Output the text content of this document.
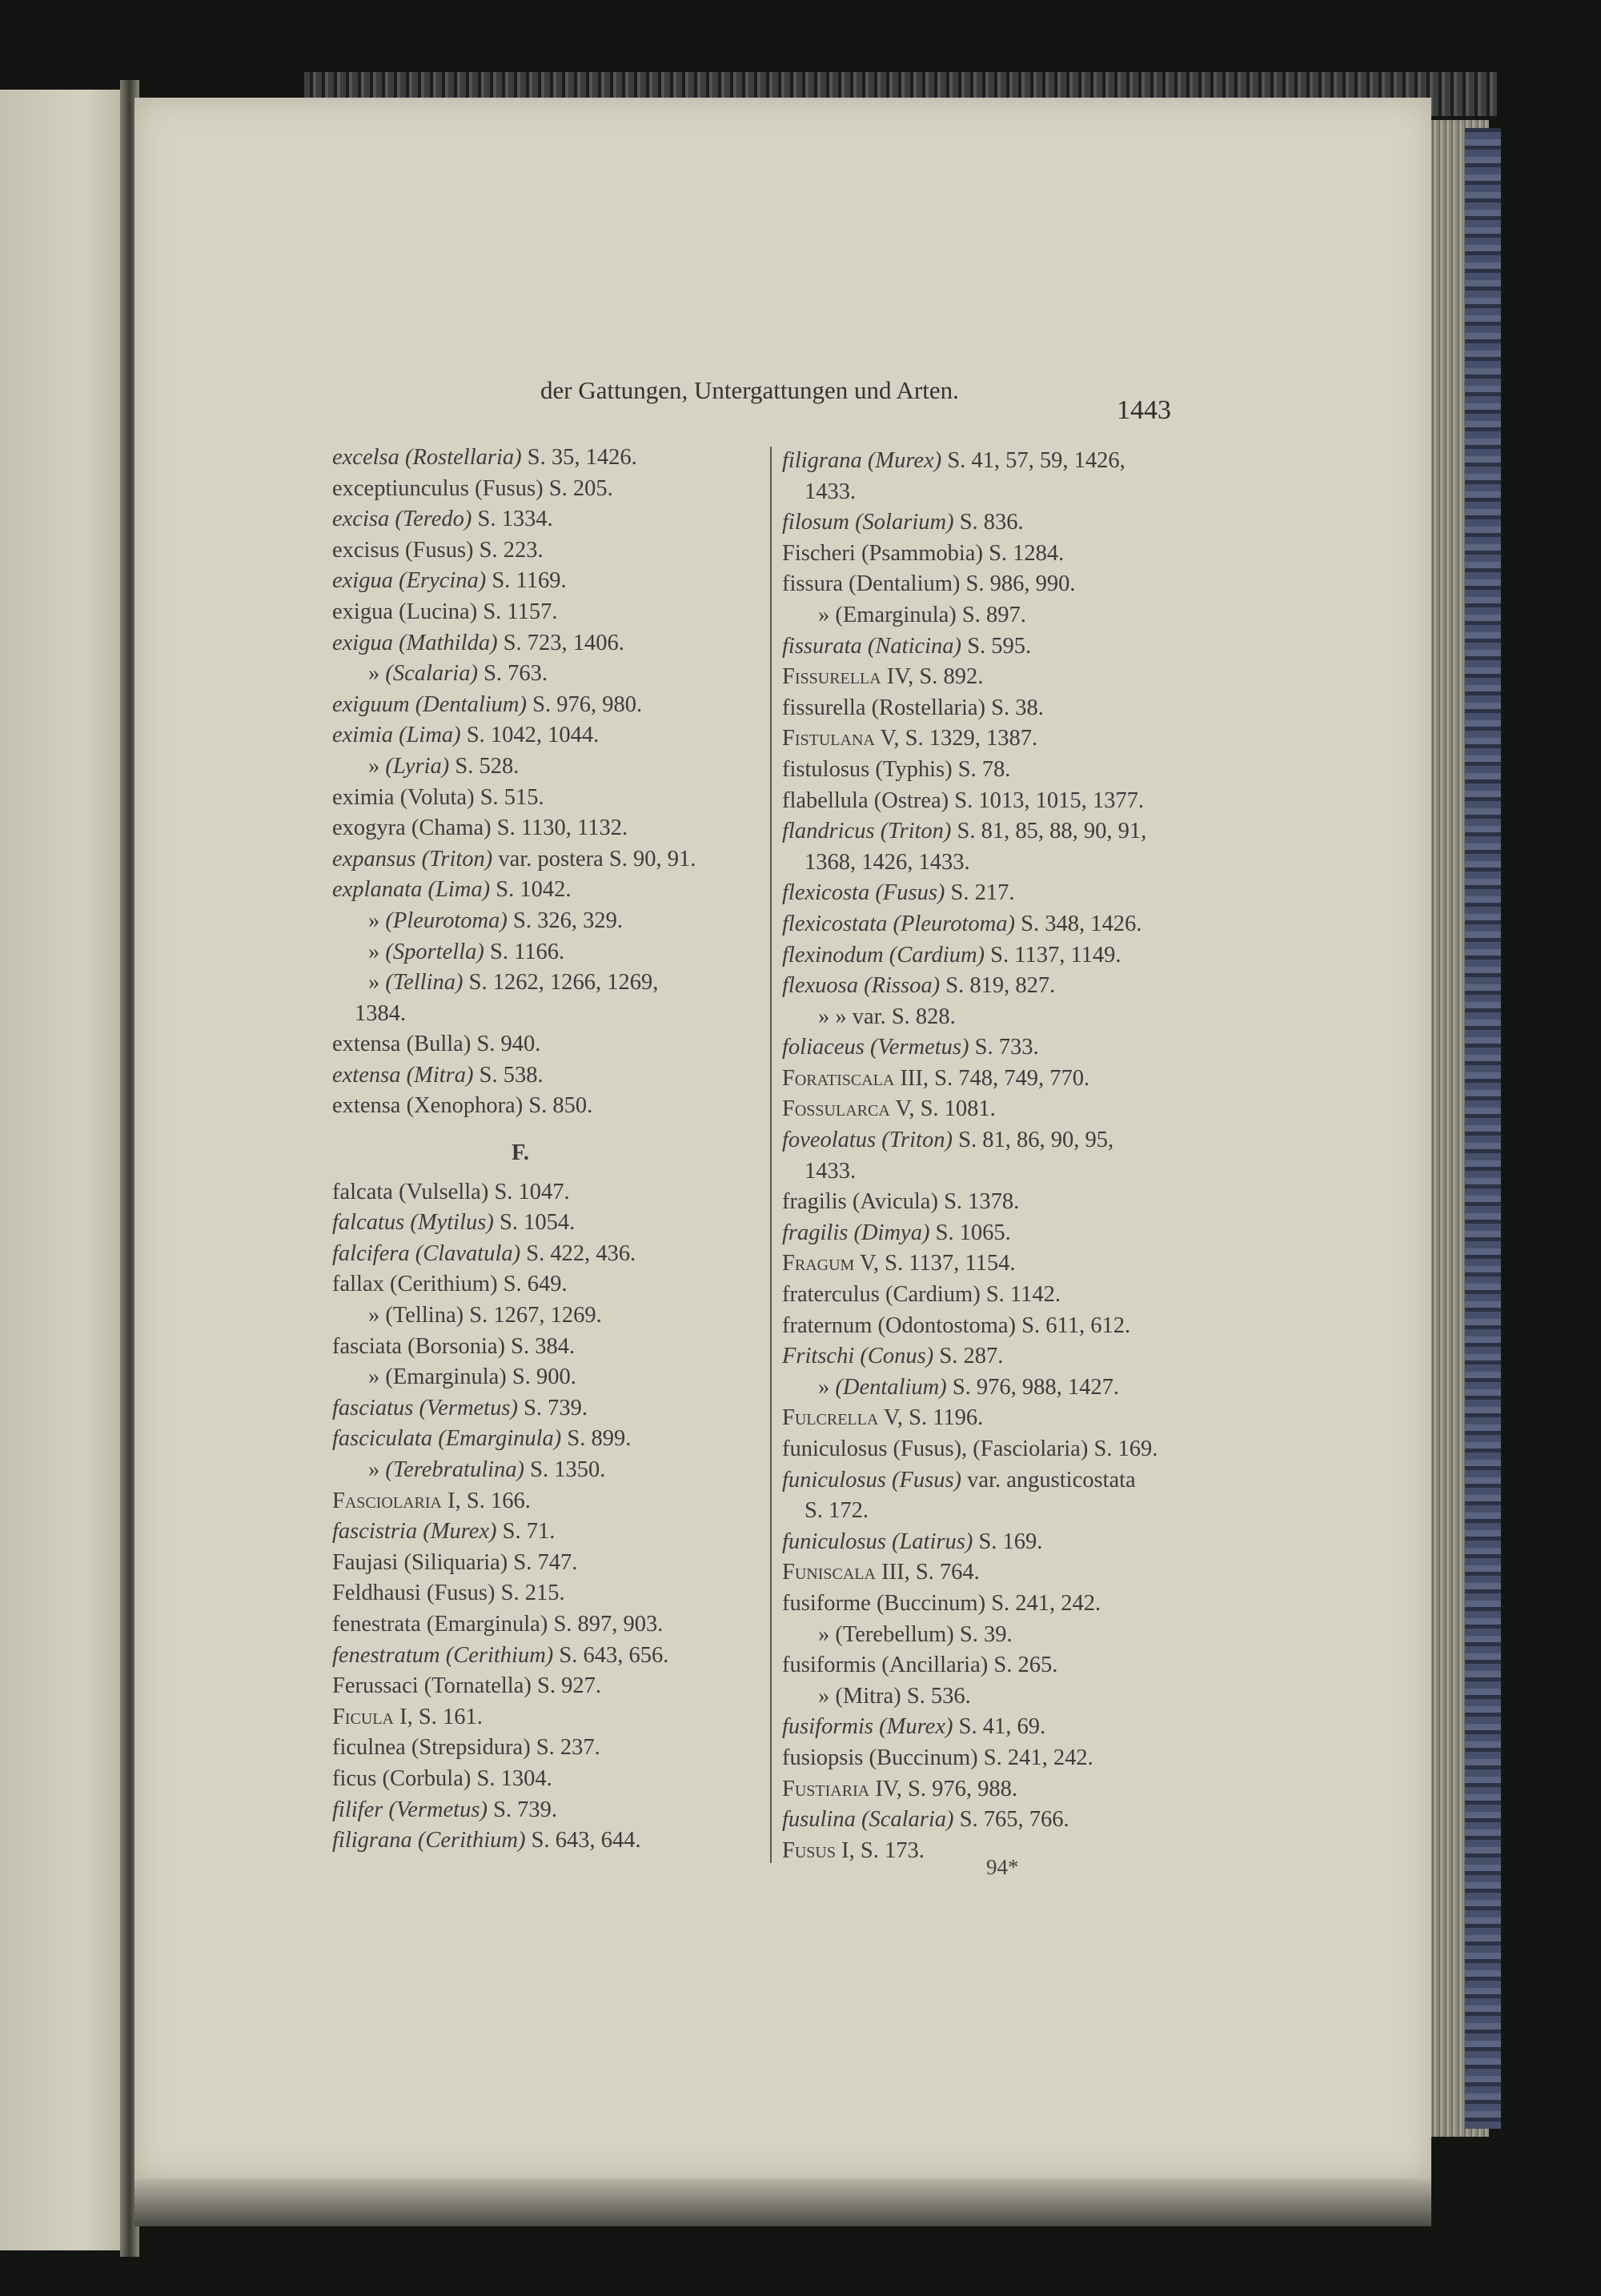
der Gattungen, Untergattungen und Arten.
1443
excelsa (Rostellaria) S. 35, 1426.
exceptiunculus (Fusus) S. 205.
excisa (Teredo) S. 1334.
excisus (Fusus) S. 223.
exigua (Erycina) S. 1169.
exigua (Lucina) S. 1157.
exigua (Mathilda) S. 723, 1406.
» (Scalaria) S. 763.
exiguum (Dentalium) S. 976, 980.
eximia (Lima) S. 1042, 1044.
» (Lyria) S. 528.
eximia (Voluta) S. 515.
exogyra (Chama) S. 1130, 1132.
expansus (Triton) var. postera S. 90, 91.
explanata (Lima) S. 1042.
» (Pleurotoma) S. 326, 329.
» (Sportella) S. 1166.
» (Tellina) S. 1262, 1266, 1269,
1384.
extensa (Bulla) S. 940.
extensa (Mitra) S. 538.
extensa (Xenophora) S. 850.
F.
falcata (Vulsella) S. 1047.
falcatus (Mytilus) S. 1054.
falcifera (Clavatula) S. 422, 436.
fallax (Cerithium) S. 649.
» (Tellina) S. 1267, 1269.
fasciata (Borsonia) S. 384.
» (Emarginula) S. 900.
fasciatus (Vermetus) S. 739.
fasciculata (Emarginula) S. 899.
» (Terebratulina) S. 1350.
Fasciolaria I, S. 166.
fascistria (Murex) S. 71.
Faujasi (Siliquaria) S. 747.
Feldhausi (Fusus) S. 215.
fenestrata (Emarginula) S. 897, 903.
fenestratum (Cerithium) S. 643, 656.
Ferussaci (Tornatella) S. 927.
Ficula I, S. 161.
ficulnea (Strepsidura) S. 237.
ficus (Corbula) S. 1304.
filifer (Vermetus) S. 739.
filigrana (Cerithium) S. 643, 644.
filigrana (Murex) S. 41, 57, 59, 1426,
1433.
filosum (Solarium) S. 836.
Fischeri (Psammobia) S. 1284.
fissura (Dentalium) S. 986, 990.
» (Emarginula) S. 897.
fissurata (Naticina) S. 595.
Fissurella IV, S. 892.
fissurella (Rostellaria) S. 38.
Fistulana V, S. 1329, 1387.
fistulosus (Typhis) S. 78.
flabellula (Ostrea) S. 1013, 1015, 1377.
flandricus (Triton) S. 81, 85, 88, 90, 91,
1368, 1426, 1433.
flexicosta (Fusus) S. 217.
flexicostata (Pleurotoma) S. 348, 1426.
flexinodum (Cardium) S. 1137, 1149.
flexuosa (Rissoa) S. 819, 827.
» » var. S. 828.
foliaceus (Vermetus) S. 733.
Foratiscala III, S. 748, 749, 770.
Fossularca V, S. 1081.
foveolatus (Triton) S. 81, 86, 90, 95,
1433.
fragilis (Avicula) S. 1378.
fragilis (Dimya) S. 1065.
Fragum V, S. 1137, 1154.
fraterculus (Cardium) S. 1142.
fraternum (Odontostoma) S. 611, 612.
Fritschi (Conus) S. 287.
» (Dentalium) S. 976, 988, 1427.
Fulcrella V, S. 1196.
funiculosus (Fusus), (Fasciolaria) S. 169.
funiculosus (Fusus) var. angusticostata
S. 172.
funiculosus (Latirus) S. 169.
Funiscala III, S. 764.
fusiforme (Buccinum) S. 241, 242.
» (Terebellum) S. 39.
fusiformis (Ancillaria) S. 265.
» (Mitra) S. 536.
fusiformis (Murex) S. 41, 69.
fusiopsis (Buccinum) S. 241, 242.
Fustiaria IV, S. 976, 988.
fusulina (Scalaria) S. 765, 766.
Fusus I, S. 173.
94*
